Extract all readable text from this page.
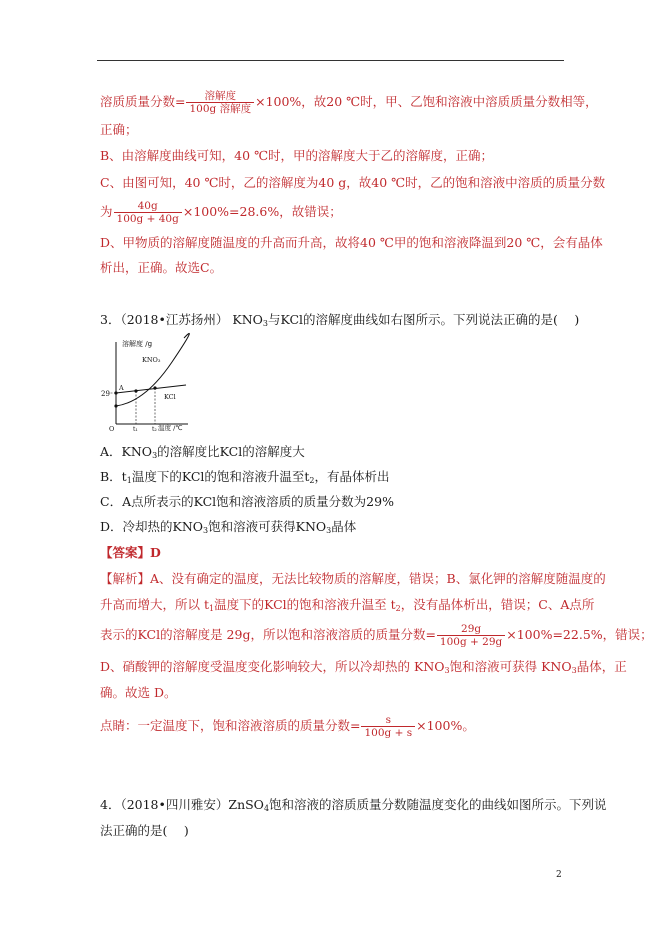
溶质质量分数= $\frac{\text{溶解度}}{\text{100g 溶解度}} \times 100\%$，故20 ℃时，甲、乙饱和溶液中溶质质量分数相等，
正确；
B、由溶解度曲线可知，40 ℃时，甲的溶解度大于乙的溶解度，正确；
C、由图可知，40 ℃时，乙的溶解度为40 g，故40 ℃时，乙的饱和溶液中溶质的质量分数
为 $\frac{40g}{100g + 40g} \times 100\%=28.6\%$，故错误；
D、甲物质的溶解度随温度的升高而升高，故将40 ℃甲的饱和溶液降温到20 ℃，会有晶体
析出，正确。故选C。
3．（2018•江苏扬州） $KNO_3$与KCl的溶解度曲线如右图所示。下列说法正确的是(　 )
溶解度 /g
温度 /℃
29
O
A
t₁ t₂
KNO₃
KCl
A．$KNO_3$的溶解度比KCl的溶解度大
B．$t_1$温度下的KCl的饱和溶液升温至$t_2$，有晶体析出
C．A点所表示的KCl饱和溶液溶质的质量分数为29%
D．冷却热的$KNO_3$饱和溶液可获得$KNO_3$晶体
【答案】D
【解析】A、没有确定的温度，无法比较物质的溶解度，错误；B、氯化钾的溶解度随温度的
升高而增大，所以 $t_1$温度下的KCl的饱和溶液升温至 $t_2$，没有晶体析出，错误；C、A点所
表示的KCl的溶解度是 29g，所以饱和溶液溶质的质量分数= $\frac{29g}{100g + 29g} \times 100\%=22.5\%$，错误；
D、硝酸钾的溶解度受温度变化影响较大，所以冷却热的 $KNO_3$饱和溶液可获得 $KNO_3$晶体，正
确。故选 D。
点睛：一定温度下，饱和溶液溶质的质量分数= $\frac{s}{100g + s} \times 100\%$。
4．（2018•四川雅安）ZnSO$_4$饱和溶液的溶质质量分数随温度变化的曲线如图所示。下列说
法正确的是(　 )
2
